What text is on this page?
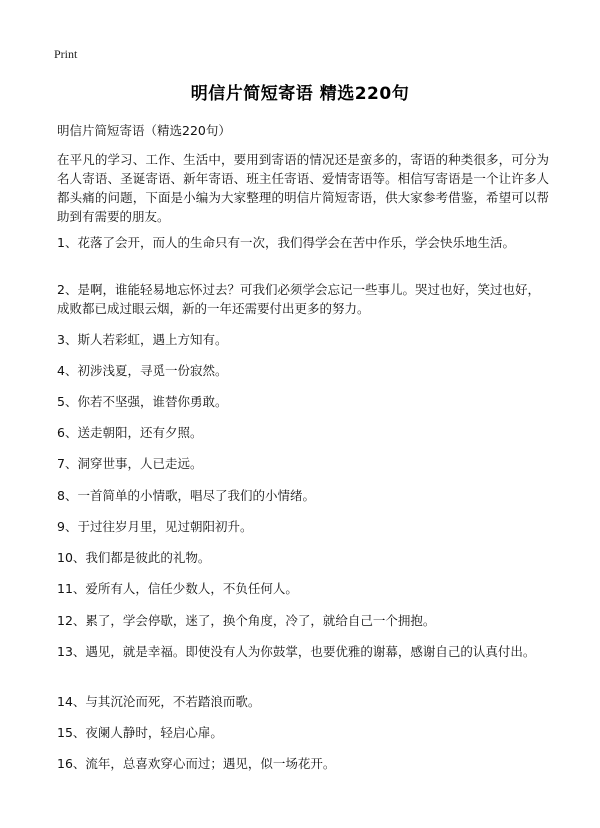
Print
明信片简短寄语 精选220句
明信片简短寄语（精选220句）
在平凡的学习、工作、生活中，要用到寄语的情况还是蛮多的，寄语的种类很多，可分为名人寄语、圣诞寄语、新年寄语、班主任寄语、爱情寄语等。相信写寄语是一个让许多人都头痛的问题，下面是小编为大家整理的明信片简短寄语，供大家参考借鉴，希望可以帮助到有需要的朋友。
1、花落了会开，而人的生命只有一次，我们得学会在苦中作乐，学会快乐地生活。
2、是啊，谁能轻易地忘怀过去？可我们必须学会忘记一些事儿。哭过也好，笑过也好，成败都已成过眼云烟，新的一年还需要付出更多的努力。
3、斯人若彩虹，遇上方知有。
4、初涉浅夏，寻觅一份寂然。
5、你若不坚强，谁替你勇敢。
6、送走朝阳，还有夕照。
7、洞穿世事，人已走远。
8、一首简单的小情歌，唱尽了我们的小情绪。
9、于过往岁月里，见过朝阳初升。
10、我们都是彼此的礼物。
11、爱所有人，信任少数人，不负任何人。
12、累了，学会停歇，迷了，换个角度，冷了，就给自己一个拥抱。
13、遇见，就是幸福。即使没有人为你鼓掌，也要优雅的谢幕，感谢自己的认真付出。
14、与其沉沦而死，不若踏浪而歌。
15、夜阑人静时，轻启心扉。
16、流年，总喜欢穿心而过；遇见，似一场花开。
